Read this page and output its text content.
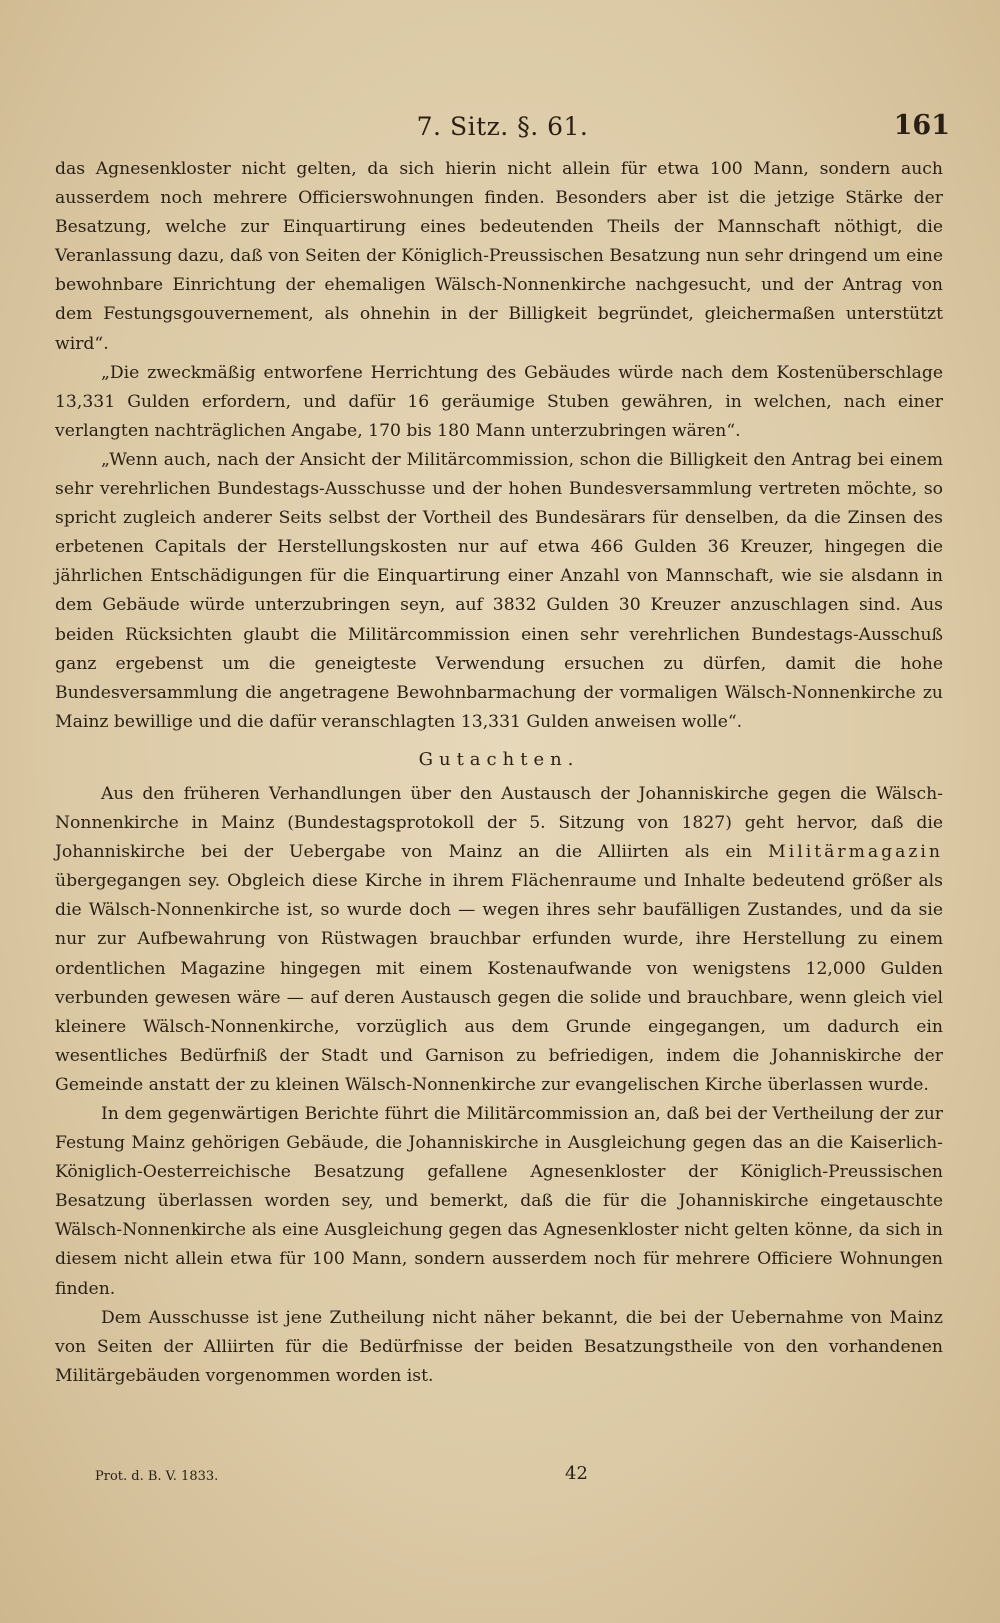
7. Sitz. §. 61.	161

das Agnesenkloster nicht gelten, da sich hierin nicht allein für etwa 100 Mann, sondern auch ausserdem noch mehrere Officierswohnungen finden. Besonders aber ist die jetzige Stärke der Besatzung, welche zur Einquartirung eines bedeutenden Theils der Mannschaft nöthigt, die Veranlassung dazu, daß von Seiten der Königlich-Preussischen Besatzung nun sehr dringend um eine bewohnbare Einrichtung der ehemaligen Wälsch-Nonnenkirche nachgesucht, und der Antrag von dem Festungsgouvernement, als ohnehin in der Billigkeit begründet, gleichermaßen unterstützt wird“.

„Die zweckmäßig entworfene Herrichtung des Gebäudes würde nach dem Kostenüberschlage 13,331 Gulden erfordern, und dafür 16 geräumige Stuben gewähren, in welchen, nach einer verlangten nachträglichen Angabe, 170 bis 180 Mann unterzubringen wären“.

„Wenn auch, nach der Ansicht der Militärcommission, schon die Billigkeit den Antrag bei einem sehr verehrlichen Bundestags-Ausschusse und der hohen Bundesversammlung vertreten möchte, so spricht zugleich anderer Seits selbst der Vortheil des Bundesärars für denselben, da die Zinsen des erbetenen Capitals der Herstellungskosten nur auf etwa 466 Gulden 36 Kreuzer, hingegen die jährlichen Entschädigungen für die Einquartirung einer Anzahl von Mannschaft, wie sie alsdann in dem Gebäude würde unterzubringen seyn, auf 3832 Gulden 30 Kreuzer anzuschlagen sind. Aus beiden Rücksichten glaubt die Militärcommission einen sehr verehrlichen Bundestags-Ausschuß ganz ergebenst um die geneigteste Verwendung ersuchen zu dürfen, damit die hohe Bundesversammlung die angetragene Bewohnbarmachung der vormaligen Wälsch-Nonnenkirche zu Mainz bewillige und die dafür veranschlagten 13,331 Gulden anweisen wolle“.

Gutachten.

Aus den früheren Verhandlungen über den Austausch der Johanniskirche gegen die Wälsch-Nonnenkirche in Mainz (Bundestagsprotokoll der 5. Sitzung von 1827) geht hervor, daß die Johanniskirche bei der Uebergabe von Mainz an die Alliirten als ein Militärmagazin übergegangen sey. Obgleich diese Kirche in ihrem Flächenraume und Inhalte bedeutend größer als die Wälsch-Nonnenkirche ist, so wurde doch — wegen ihres sehr baufälligen Zustandes, und da sie nur zur Aufbewahrung von Rüstwagen brauchbar erfunden wurde, ihre Herstellung zu einem ordentlichen Magazine hingegen mit einem Kostenaufwande von wenigstens 12,000 Gulden verbunden gewesen wäre — auf deren Austausch gegen die solide und brauchbare, wenn gleich viel kleinere Wälsch-Nonnenkirche, vorzüglich aus dem Grunde eingegangen, um dadurch ein wesentliches Bedürfniß der Stadt und Garnison zu befriedigen, indem die Johanniskirche der Gemeinde anstatt der zu kleinen Wälsch-Nonnenkirche zur evangelischen Kirche überlassen wurde.

In dem gegenwärtigen Berichte führt die Militärcommission an, daß bei der Vertheilung der zur Festung Mainz gehörigen Gebäude, die Johanniskirche in Ausgleichung gegen das an die Kaiserlich-Königlich-Oesterreichische Besatzung gefallene Agnesenkloster der Königlich-Preussischen Besatzung überlassen worden sey, und bemerkt, daß die für die Johanniskirche eingetauschte Wälsch-Nonnenkirche als eine Ausgleichung gegen das Agnesenkloster nicht gelten könne, da sich in diesem nicht allein etwa für 100 Mann, sondern ausserdem noch für mehrere Officiere Wohnungen finden.

Dem Ausschusse ist jene Zutheilung nicht näher bekannt, die bei der Uebernahme von Mainz von Seiten der Alliirten für die Bedürfnisse der beiden Besatzungstheile von den vorhandenen Militärgebäuden vorgenommen worden ist.

Prot. d. B. V. 1833.	42
